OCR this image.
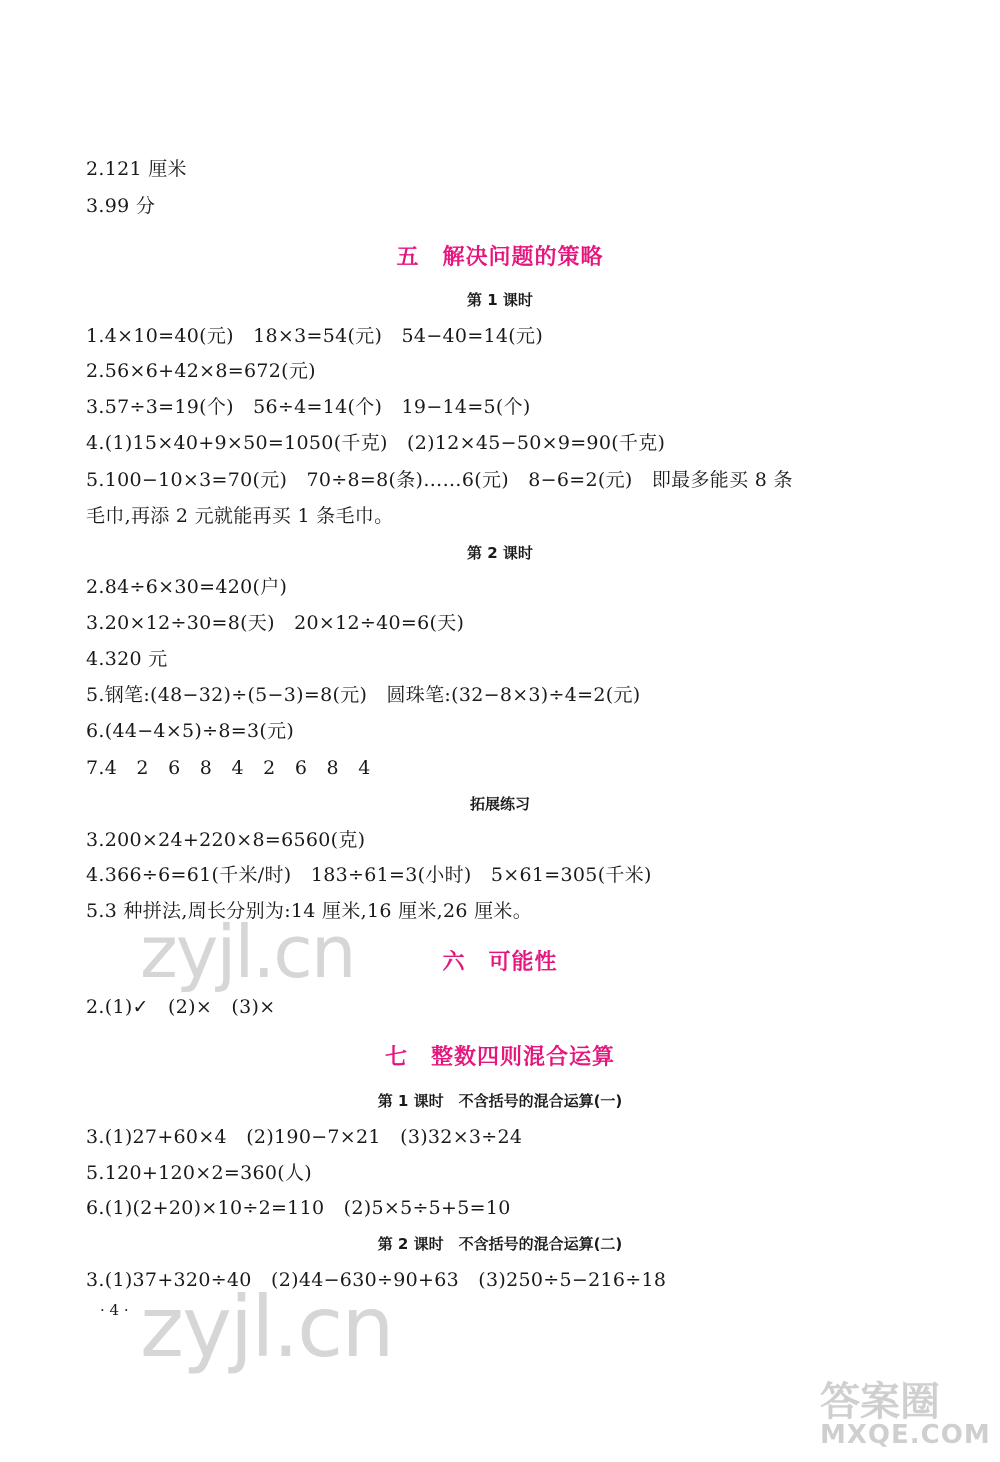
2.121 厘米
3.99 分
五　解决问题的策略
第 1 课时
1.4×10=40(元)　18×3=54(元)　54−40=14(元)
2.56×6+42×8=672(元)
3.57÷3=19(个)　56÷4=14(个)　19−14=5(个)
4.(1)15×40+9×50=1050(千克)　(2)12×45−50×9=90(千克)
5.100−10×3=70(元)　70÷8=8(条)……6(元)　8−6=2(元)　即最多能买 8 条
毛巾,再添 2 元就能再买 1 条毛巾。
第 2 课时
2.84÷6×30=420(户)
3.20×12÷30=8(天)　20×12÷40=6(天)
4.320 元
5.钢笔:(48−32)÷(5−3)=8(元)　圆珠笔:(32−8×3)÷4=2(元)
6.(44−4×5)÷8=3(元)
7.4　2　6　8　4　2　6　8　4
拓展练习
3.200×24+220×8=6560(克)
4.366÷6=61(千米/时)　183÷61=3(小时)　5×61=305(千米)
5.3 种拼法,周长分别为:14 厘米,16 厘米,26 厘米。
六　可能性
2.(1)✓　(2)×　(3)×
七　整数四则混合运算
第 1 课时　不含括号的混合运算(一)
3.(1)27+60×4　(2)190−7×21　(3)32×3÷24
5.120+120×2=360(人)
6.(1)(2+20)×10÷2=110　(2)5×5÷5+5=10
第 2 课时　不含括号的混合运算(二)
3.(1)37+320÷40　(2)44−630÷90+63　(3)250÷5−216÷18
· 4 ·
zyjl.cn
zyjl.cn
答案圈
MXQE.COM
